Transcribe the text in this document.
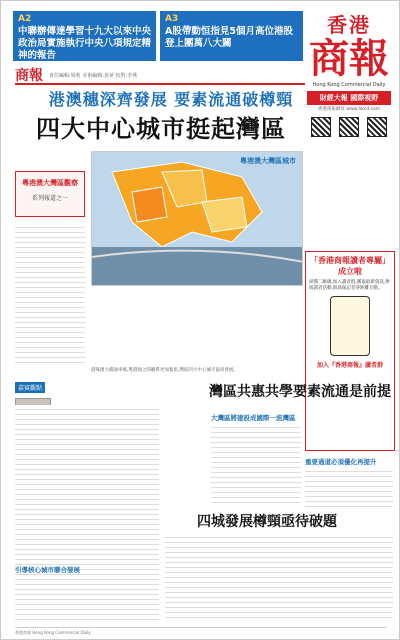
A2
中聯辦傳達學習十九大以來中央政治局實施執行中央八項規定精神的報告
A3
A股帶動恒指見5個月高位港股登上團萬八大關
香港
商報
Hong Kong Commercial Daily
財經大報 國際視野
香港商報網址 www.hkcd.com
商報 責任編輯:梁莉 美術編輯:黃夢 校對:李燕
港澳穗深齊發展 要素流通破樽頸
四大中心城市挺起灣區
粵港澳大灣區觀察
系列報道之一
粵港澳大灣區城市
港珠澳大橋通車後,粵港澳之間聯系更加緊密,灣區四大中心城市協同發展。
「香港商報讀者專屬」成立啦
掃描二維碼,加入讀者群,獲取最新資訊,參與讀者活動,與商報記者零距離互動。
加入『香港商報』讀者群
嘉賓觀點
引導核心城市聯合發展
灣區共惠共學要素流通是前提
大灣區將建設成國際一流灣區
重要通道必須優化再提升
四城發展樽頸亟待破題
香港商報 Hong Kong Commercial Daily
